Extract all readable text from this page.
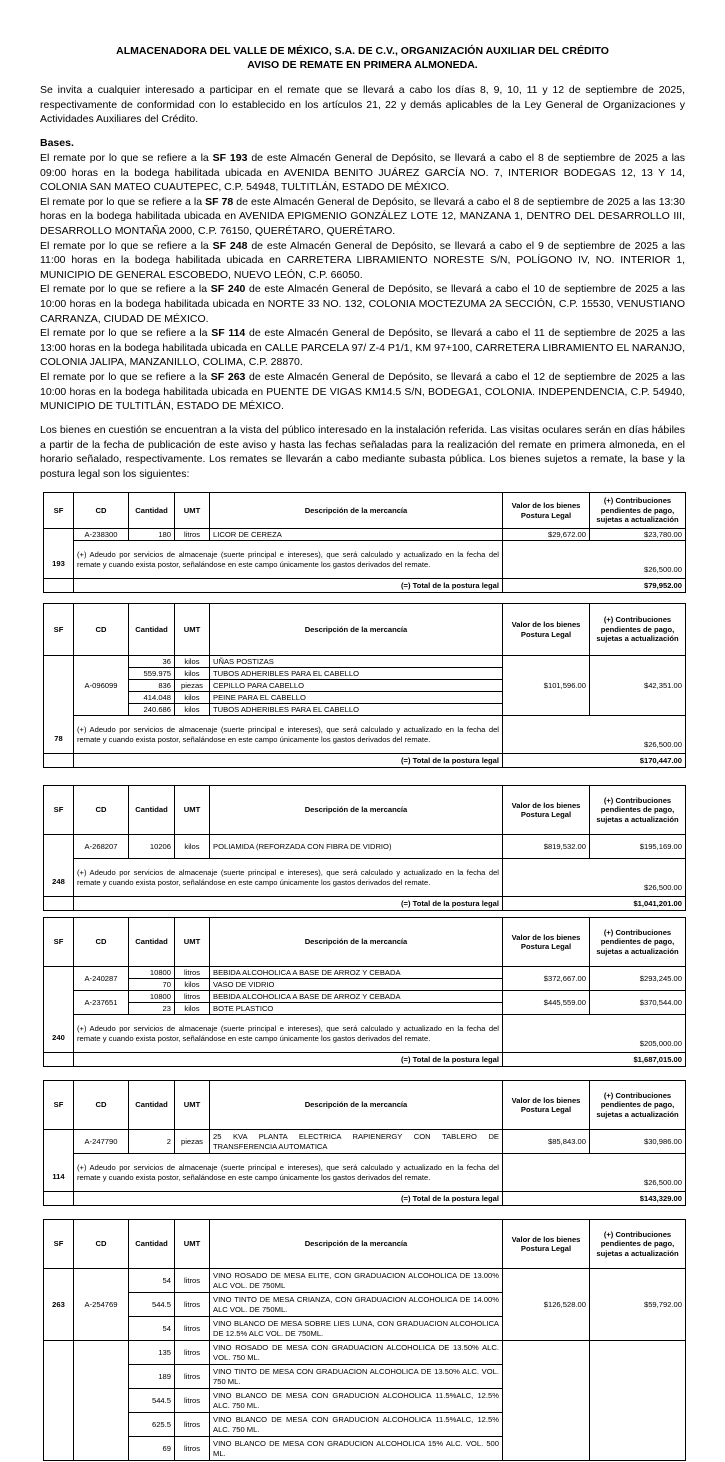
ALMACENADORA DEL VALLE DE MÉXICO, S.A. DE C.V., ORGANIZACIÓN AUXILIAR DEL CRÉDITO
AVISO DE REMATE EN PRIMERA ALMONEDA.
Se invita a cualquier interesado a participar en el remate que se llevará a cabo los días 8, 9, 10, 11 y 12 de septiembre de 2025, respectivamente de conformidad con lo establecido en los artículos 21, 22 y demás aplicables de la Ley General de Organizaciones y Actividades Auxiliares del Crédito.
Bases.
El remate por lo que se refiere a la SF 193 de este Almacén General de Depósito, se llevará a cabo el 8 de septiembre de 2025 a las 09:00 horas en la bodega habilitada ubicada en AVENIDA BENITO JUÁREZ GARCÍA NO. 7, INTERIOR BODEGAS 12, 13 Y 14, COLONIA SAN MATEO CUAUTEPEC, C.P. 54948, TULTITLÁN, ESTADO DE MÉXICO.
El remate por lo que se refiere a la SF 78 de este Almacén General de Depósito, se llevará a cabo el 8 de septiembre de 2025 a las 13:30 horas en la bodega habilitada ubicada en AVENIDA EPIGMENIO GONZÁLEZ LOTE 12, MANZANA 1, DENTRO DEL DESARROLLO III, DESARROLLO MONTAÑA 2000, C.P. 76150, QUERÉTARO, QUERÉTARO.
El remate por lo que se refiere a la SF 248 de este Almacén General de Depósito, se llevará a cabo el 9 de septiembre de 2025 a las 11:00 horas en la bodega habilitada ubicada en CARRETERA LIBRAMIENTO NORESTE S/N, POLÍGONO IV, NO. INTERIOR 1, MUNICIPIO DE GENERAL ESCOBEDO, NUEVO LEÓN, C.P. 66050.
El remate por lo que se refiere a la SF 240 de este Almacén General de Depósito, se llevará a cabo el 10 de septiembre de 2025 a las 10:00 horas en la bodega habilitada ubicada en NORTE 33 NO. 132, COLONIA MOCTEZUMA 2A SECCIÓN, C.P. 15530, VENUSTIANO CARRANZA, CIUDAD DE MÉXICO.
El remate por lo que se refiere a la SF 114 de este Almacén General de Depósito, se llevará a cabo el 11 de septiembre de 2025 a las 13:00 horas en la bodega habilitada ubicada en CALLE PARCELA 97/ Z-4 P1/1, KM 97+100, CARRETERA LIBRAMIENTO EL NARANJO, COLONIA JALIPA, MANZANILLO, COLIMA, C.P. 28870.
El remate por lo que se refiere a la SF 263 de este Almacén General de Depósito, se llevará a cabo el 12 de septiembre de 2025 a las 10:00 horas en la bodega habilitada ubicada en PUENTE DE VIGAS KM14.5 S/N, BODEGA1, COLONIA. INDEPENDENCIA, C.P. 54940, MUNICIPIO DE TULTITLÁN, ESTADO DE MÉXICO.
Los bienes en cuestión se encuentran a la vista del público interesado en la instalación referida. Las visitas oculares serán en días hábiles a partir de la fecha de publicación de este aviso y hasta las fechas señaladas para la realización del remate en primera almoneda, en el horario señalado, respectivamente. Los remates se llevarán a cabo mediante subasta pública. Los bienes sujetos a remate, la base y la postura legal son los siguientes:
SF	CD	Cantidad	UMT	Descripción de la mercancía	Valor de los bienes Postura Legal	(+) Contribuciones pendientes de pago, sujetas a actualización
193	A-238300	180	litros	LICOR DE CEREZA	$29,672.00	$23,780.00
	(+) Adeudo por servicios de almacenaje (suerte principal e intereses), que será calculado y actualizado en la fecha del remate y cuando exista postor, señalándose en este campo únicamente los gastos derivados del remate.				$26,500.00	
	(=) Total de la postura legal				$79,952.00	
SF	CD	Cantidad	UMT	Descripción de la mercancía	Valor de los bienes Postura Legal	(+) Contribuciones pendientes de pago, sujetas a actualización
78	A-096099	36	kilos	UÑAS POSTIZAS	$101,596.00	$42,351.00
		559.975	kilos	TUBOS ADHERIBLES PARA EL CABELLO		
		836	piezas	CEPILLO PARA CABELLO		
		414.048	kilos	PEINE PARA EL CABELLO		
		240.686	kilos	TUBOS ADHERIBLES PARA EL CABELLO		
	(+) Adeudo por servicios de almacenaje (suerte principal e intereses), que será calculado y actualizado en la fecha del remate y cuando exista postor, señalándose en este campo únicamente los gastos derivados del remate.				$26,500.00	
	(=) Total de la postura legal				$170,447.00	
SF	CD	Cantidad	UMT	Descripción de la mercancía	Valor de los bienes Postura Legal	(+) Contribuciones pendientes de pago, sujetas a actualización
248	A-268207	10206	kilos	POLIAMIDA (REFORZADA CON FIBRA DE VIDRIO)	$819,532.00	$195,169.00
	(+) Adeudo por servicios de almacenaje (suerte principal e intereses), que será calculado y actualizado en la fecha del remate y cuando exista postor, señalándose en este campo únicamente los gastos derivados del remate.				$26,500.00	
	(=) Total de la postura legal				$1,041,201.00	
SF	CD	Cantidad	UMT	Descripción de la mercancía	Valor de los bienes Postura Legal	(+) Contribuciones pendientes de pago, sujetas a actualización
240	A-240287	10800	litros	BEBIDA ALCOHOLICA A BASE DE ARROZ Y CEBADA	$372,667.00	$293,245.00
		70	kilos	VASO DE VIDRIO		
	A-237651	10800	litros	BEBIDA ALCOHOLICA A BASE DE ARROZ Y CEBADA	$445,559.00	$370,544.00
		23	kilos	BOTE PLASTICO		
	(+) Adeudo por servicios de almacenaje (suerte principal e intereses), que será calculado y actualizado en la fecha del remate y cuando exista postor, señalándose en este campo únicamente los gastos derivados del remate.				$205,000.00	
	(=) Total de la postura legal				$1,687,015.00	
SF	CD	Cantidad	UMT	Descripción de la mercancía	Valor de los bienes Postura Legal	(+) Contribuciones pendientes de pago, sujetas a actualización
114	A-247790	2	piezas	25 KVA PLANTA ELECTRICA RAPIENERGY CON TABLERO DE TRANSFERENCIA AUTOMATICA	$85,843.00	$30,986.00
	(+) Adeudo por servicios de almacenaje (suerte principal e intereses), que será calculado y actualizado en la fecha del remate y cuando exista postor, señalándose en este campo únicamente los gastos derivados del remate.				$26,500.00	
	(=) Total de la postura legal				$143,329.00	
SF	CD	Cantidad	UMT	Descripción de la mercancía	Valor de los bienes Postura Legal	(+) Contribuciones pendientes de pago, sujetas a actualización
263	A-254769	54	litros	VINO ROSADO DE MESA ELITE, CON GRADUACION ALCOHOLICA DE 13.00% ALC VOL. DE 750ML	$126,528.00	$59,792.00
		544.5	litros	VINO TINTO DE MESA CRIANZA, CON GRADUACION ALCOHOLICA DE 14.00% ALC VOL. DE 750ML.		
		54	litros	VINO BLANCO DE MESA SOBRE LIES LUNA, CON GRADUACION ALCOHOLICA DE 12.5% ALC VOL. DE 750ML.		
		135	litros	VINO ROSADO DE MESA CON GRADUACION ALCOHOLICA DE 13.50% ALC. VOL. 750 ML.		
		189	litros	VINO TINTO DE MESA CON GRADUACION ALCOHOLICA DE 13.50% ALC. VOL. 750 ML.		
		544.5	litros	VINO BLANCO DE MESA CON GRADUCION ALCOHOLICA 11.5%ALC, 12.5% ALC. 750 ML.		
		625.5	litros	VINO BLANCO DE MESA CON GRADUCION ALCOHOLICA 11.5%ALC, 12.5% ALC. 750 ML.		
		69	litros	VINO BLANCO DE MESA CON GRADUCION ALCOHOLICA 15% ALC. VOL. 500 ML.		
